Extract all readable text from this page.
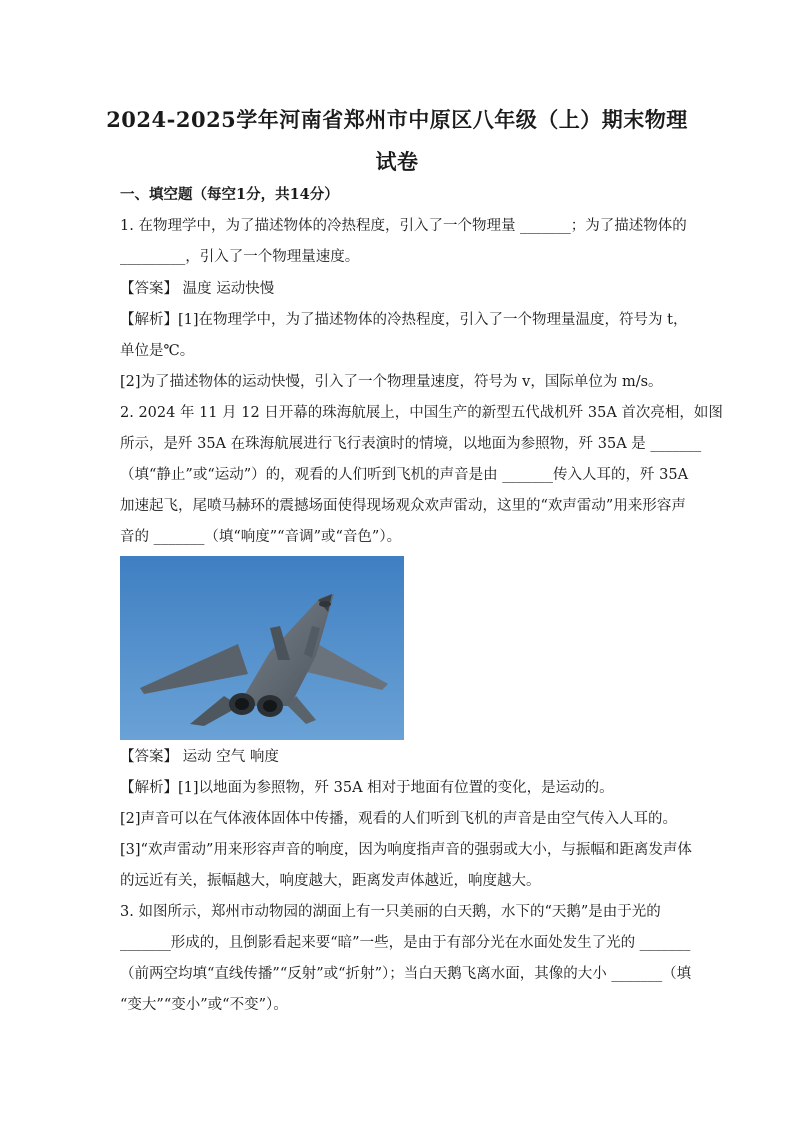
2024-2025学年河南省郑州市中原区八年级（上）期末物理
试卷
一、填空题（每空1分，共14分）
1. 在物理学中，为了描述物体的冷热程度，引入了一个物理量 _______；为了描述物体的
_________，引入了一个物理量速度。
【答案】 温度 运动快慢
【解析】[1]在物理学中，为了描述物体的冷热程度，引入了一个物理量温度，符号为 t，
单位是℃。
[2]为了描述物体的运动快慢，引入了一个物理量速度，符号为 v，国际单位为 m/s。
2. 2024 年 11 月 12 日开幕的珠海航展上，中国生产的新型五代战机歼 35A 首次亮相，如图
所示，是歼 35A 在珠海航展进行飞行表演时的情境，以地面为参照物，歼 35A 是 _______
（填“静止”或“运动”）的，观看的人们听到飞机的声音是由 _______传入人耳的，歼 35A
加速起飞，尾喷马赫环的震撼场面使得现场观众欢声雷动，这里的“欢声雷动”用来形容声
音的 _______（填“响度”“音调”或“音色”）。
【答案】 运动 空气 响度
【解析】[1]以地面为参照物，歼 35A 相对于地面有位置的变化，是运动的。
[2]声音可以在气体液体固体中传播，观看的人们听到飞机的声音是由空气传入人耳的。
[3]“欢声雷动”用来形容声音的响度，因为响度指声音的强弱或大小，与振幅和距离发声体
的远近有关，振幅越大，响度越大，距离发声体越近，响度越大。
3. 如图所示，郑州市动物园的湖面上有一只美丽的白天鹅，水下的“天鹅”是由于光的
_______形成的，且倒影看起来要“暗”一些，是由于有部分光在水面处发生了光的 _______
（前两空均填“直线传播”“反射”或“折射”）；当白天鹅飞离水面，其像的大小 _______（填
“变大”“变小”或“不变”）。
